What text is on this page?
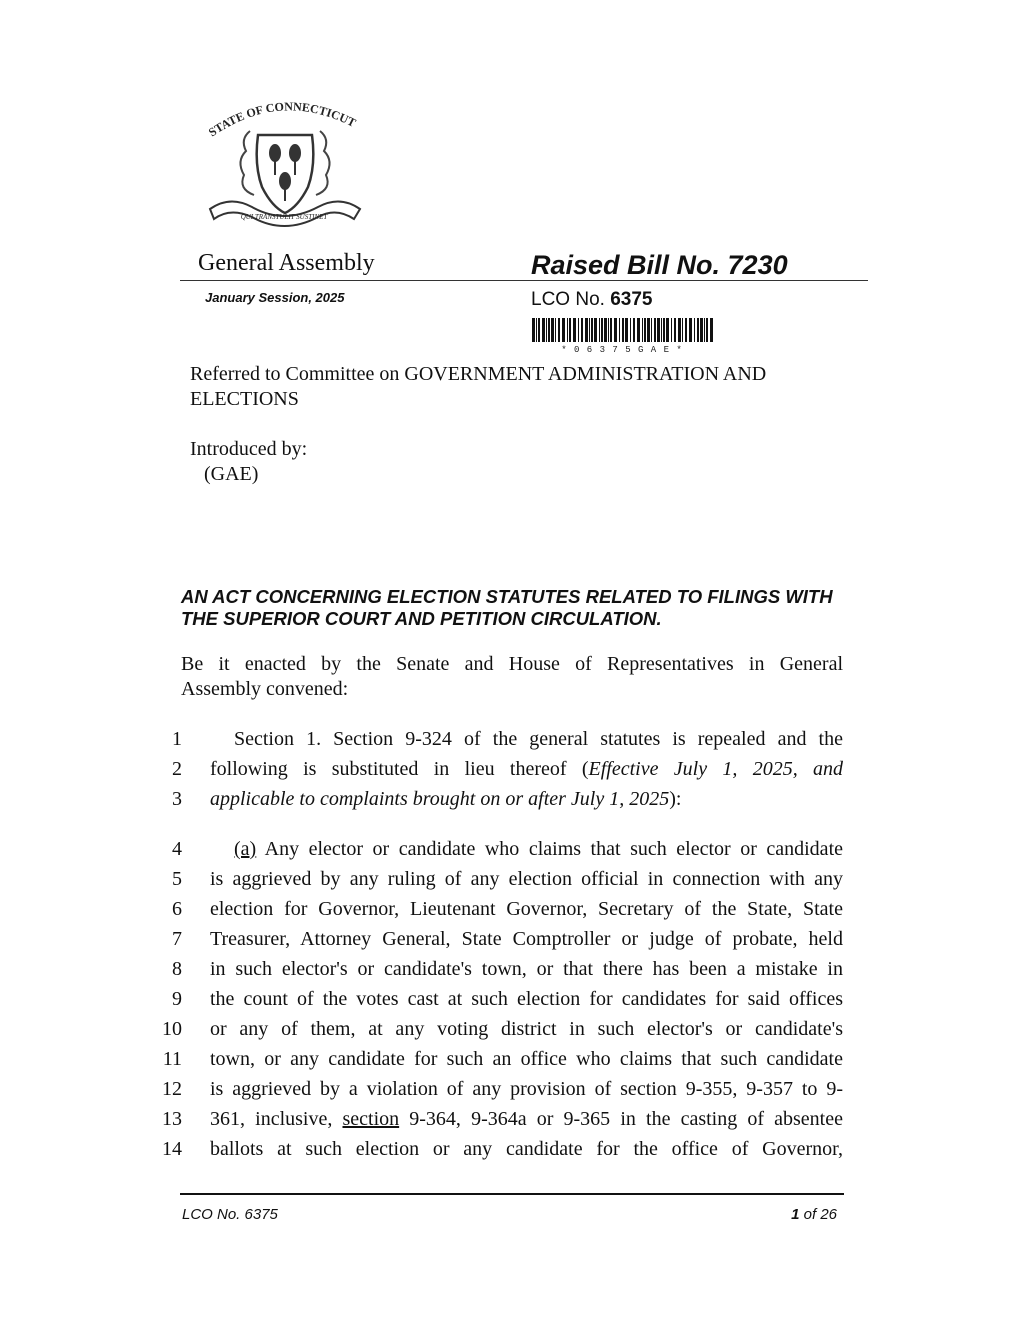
STATE OF CONNECTICUT
QUI TRANSTULIT SUSTINET
General Assembly	Raised Bill No. 7230
January Session, 2025	LCO No. 6375
* 0 6 3 7 5 G A E *
Referred to Committee on GOVERNMENT ADMINISTRATION AND ELECTIONS
Introduced by:
(GAE)
AN ACT CONCERNING ELECTION STATUTES RELATED TO FILINGS WITH THE SUPERIOR COURT AND PETITION CIRCULATION.
Be it enacted by the Senate and House of Representatives in General
Assembly convened:
1	Section 1. Section 9-324 of the general statutes is repealed and the
2 following is substituted in lieu thereof (Effective July 1, 2025, and
3 applicable to complaints brought on or after July 1, 2025):
4	(a) Any elector or candidate who claims that such elector or candidate
5 is aggrieved by any ruling of any election official in connection with any
6 election for Governor, Lieutenant Governor, Secretary of the State, State
7 Treasurer, Attorney General, State Comptroller or judge of probate, held
8 in such elector's or candidate's town, or that there has been a mistake in
9 the count of the votes cast at such election for candidates for said offices
10 or any of them, at any voting district in such elector's or candidate's
11 town, or any candidate for such an office who claims that such candidate
12 is aggrieved by a violation of any provision of section 9-355, 9-357 to 9-
13 361, inclusive, section 9-364, 9-364a or 9-365 in the casting of absentee
14 ballots at such election or any candidate for the office of Governor,
LCO No. 6375	1 of 26
